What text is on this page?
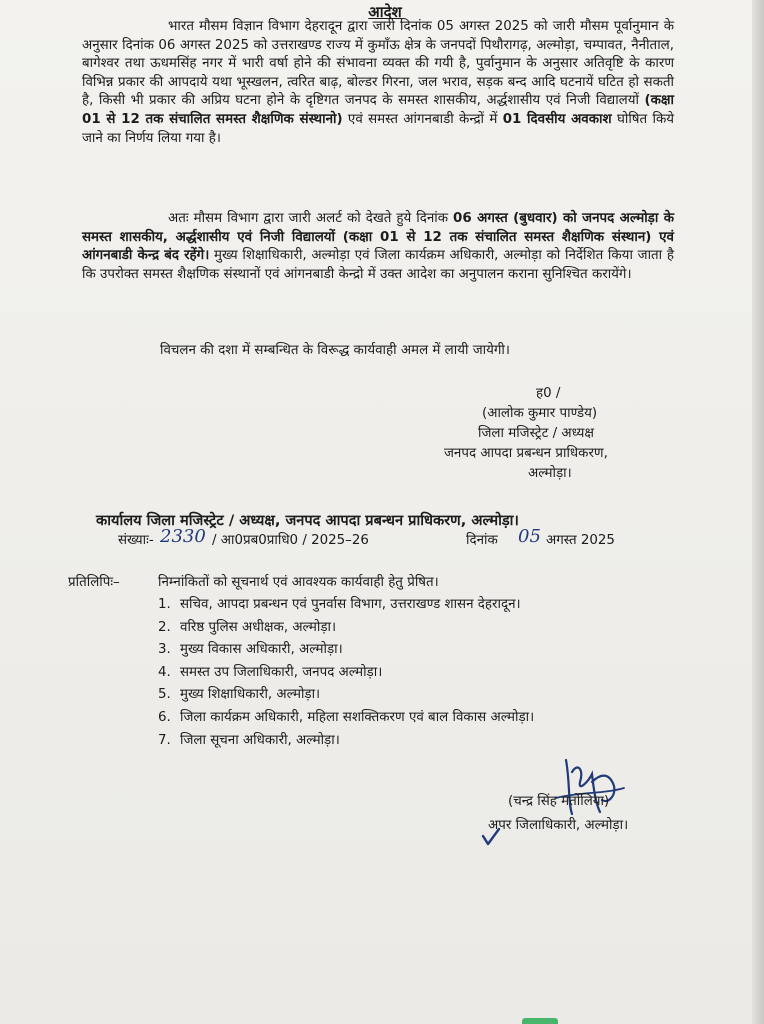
आदेश
भारत मौसम विज्ञान विभाग देहरादून द्वारा जारी दिनांक 05 अगस्त 2025 को जारी मौसम पूर्वानुमान के अनुसार दिनांक 06 अगस्त 2025 को उत्तराखण्ड राज्य में कुमाँऊ क्षेत्र के जनपदों पिथौरागढ़, अल्मोड़ा, चम्पावत, नैनीताल, बागेश्वर तथा ऊधमसिंह नगर में भारी वर्षा होने की संभावना व्यक्त की गयी है, पुर्वानुमान के अनुसार अतिवृष्टि के कारण विभिन्न प्रकार की आपदाये यथा भूस्खलन, त्वरित बाढ़, बोल्डर गिरना, जल भराव, सड़क बन्द आदि घटनायें घटित हो सकती है, किसी भी प्रकार की अप्रिय घटना होने के दृष्टिगत जनपद के समस्त शासकीय, अर्द्धशासीय एवं निजी विद्यालयों (कक्षा 01 से 12 तक संचालित समस्त शैक्षणिक संस्थानो) एवं समस्त आंगनबाडी केन्द्रों में 01 दिवसीय अवकाश घोषित किये जाने का निर्णय लिया गया है।
अतः मौसम विभाग द्वारा जारी अलर्ट को देखते हुये दिनांक 06 अगस्त (बुधवार) को जनपद अल्मोड़ा के समस्त शासकीय, अर्द्धशासीय एवं निजी विद्यालयों (कक्षा 01 से 12 तक संचालित समस्त शैक्षणिक संस्थान) एवं आंगनबाडी केन्द्र बंद रहेंगे। मुख्य शिक्षाधिकारी, अल्मोड़ा एवं जिला कार्यक्रम अधिकारी, अल्मोड़ा को निर्देशित किया जाता है कि उपरोक्त समस्त शैक्षणिक संस्थानों एवं आंगनबाडी केन्द्रो में उक्त आदेश का अनुपालन कराना सुनिश्चित करायेंगे।
विचलन की दशा में सम्बन्धित के विरूद्ध कार्यवाही अमल में लायी जायेगी।
ह0 /
(आलोक कुमार पाण्डेय)
जिला मजिस्ट्रेट / अध्यक्ष
जनपद आपदा प्रबन्धन प्राधिकरण,
अल्मोड़ा।
कार्यालय जिला मजिस्ट्रेट / अध्यक्ष, जनपद आपदा प्रबन्धन प्राधिकरण, अल्मोड़ा।
संख्याः- 2330 / आ0प्रब0प्राधि0 / 2025–26	दिनांक 05 अगस्त 2025
प्रतिलिपिः–	निम्नांकितों को सूचनार्थ एवं आवश्यक कार्यवाही हेतु प्रेषित।
1. सचिव, आपदा प्रबन्धन एवं पुनर्वास विभाग, उत्तराखण्ड शासन देहरादून।
2. वरिष्ठ पुलिस अधीक्षक, अल्मोड़ा।
3. मुख्य विकास अधिकारी, अल्मोड़ा।
4. समस्त उप जिलाधिकारी, जनपद अल्मोड़ा।
5. मुख्य शिक्षाधिकारी, अल्मोड़ा।
6. जिला कार्यक्रम अधिकारी, महिला सशक्तिकरण एवं बाल विकास अल्मोड़ा।
7. जिला सूचना अधिकारी, अल्मोड़ा।
(चन्द्र सिंह मर्तोलिया)
अपर जिलाधिकारी, अल्मोड़ा।
